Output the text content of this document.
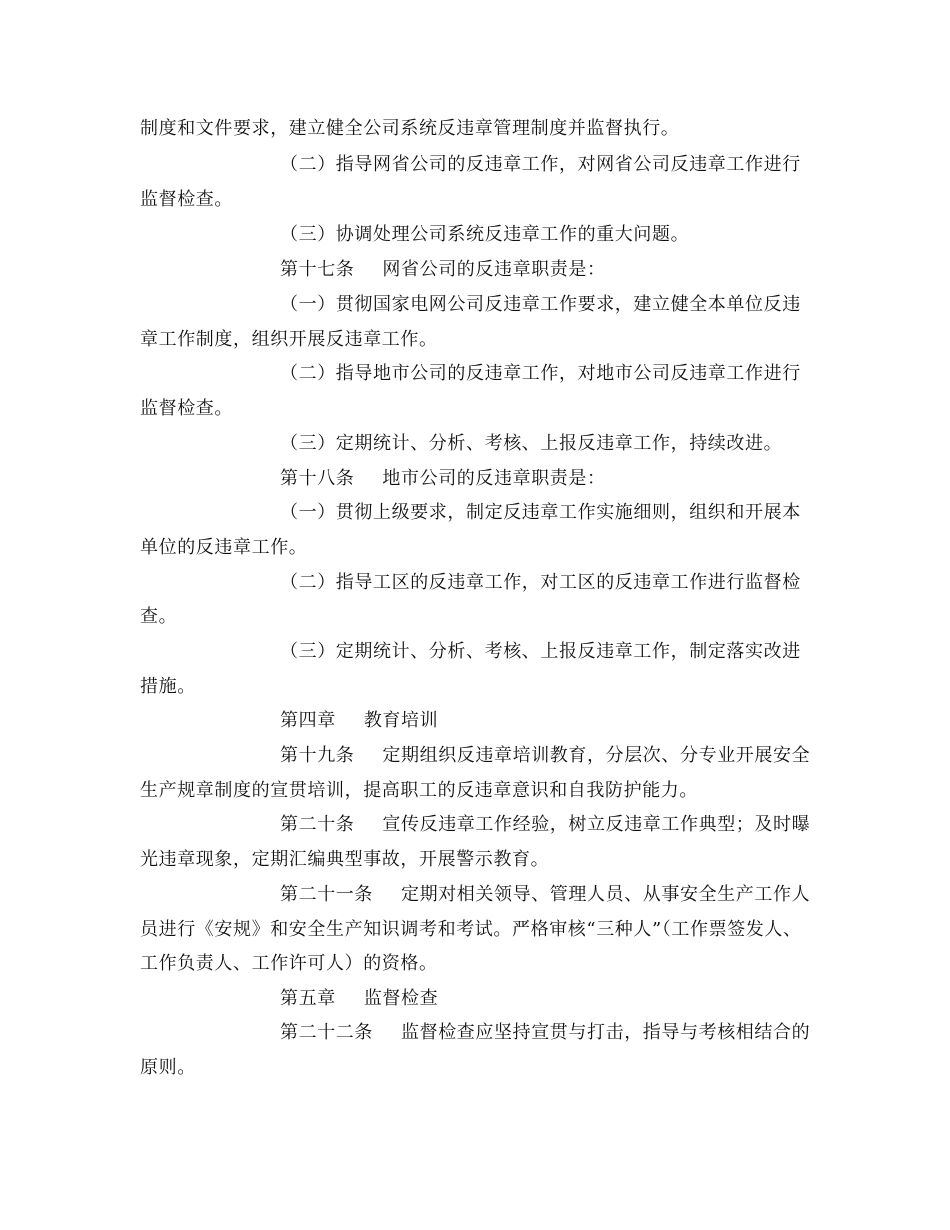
制度和文件要求，建立健全公司系统反违章管理制度并监督执行。
（二）指导网省公司的反违章工作，对网省公司反违章工作进行
监督检查。
（三）协调处理公司系统反违章工作的重大问题。
第十七条 网省公司的反违章职责是：
（一）贯彻国家电网公司反违章工作要求，建立健全本单位反违
章工作制度，组织开展反违章工作。
（二）指导地市公司的反违章工作，对地市公司反违章工作进行
监督检查。
（三）定期统计、分析、考核、上报反违章工作，持续改进。
第十八条 地市公司的反违章职责是：
（一）贯彻上级要求，制定反违章工作实施细则，组织和开展本
单位的反违章工作。
（二）指导工区的反违章工作，对工区的反违章工作进行监督检
查。
（三）定期统计、分析、考核、上报反违章工作，制定落实改进
措施。
第四章 教育培训
第十九条 定期组织反违章培训教育，分层次、分专业开展安全
生产规章制度的宣贯培训，提高职工的反违章意识和自我防护能力。
第二十条 宣传反违章工作经验，树立反违章工作典型；及时曝
光违章现象，定期汇编典型事故，开展警示教育。
第二十一条 定期对相关领导、管理人员、从事安全生产工作人
员进行《安规》和安全生产知识调考和考试。严格审核“三种人”（工作票签发人、
工作负责人、工作许可人）的资格。
第五章 监督检查
第二十二条 监督检查应坚持宣贯与打击，指导与考核相结合的
原则。
